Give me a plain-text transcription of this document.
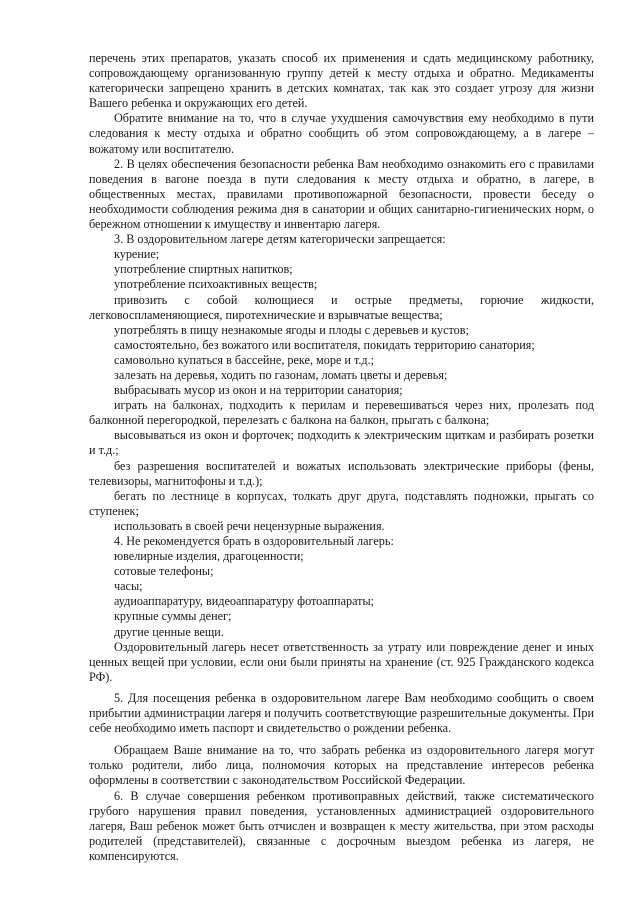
перечень этих препаратов, указать способ их применения и сдать медицинскому работнику, сопровождающему организованную группу детей к месту отдыха и обратно. Медикаменты категорически запрещено хранить в детских комнатах, так как это создает угрозу для жизни Вашего ребенка и окружающих его детей.

Обратите внимание на то, что в случае ухудшения самочувствия ему необходимо в пути следования к месту отдыха и обратно сообщить об этом сопровождающему, а в лагере – вожатому или воспитателю.

2. В целях обеспечения безопасности ребенка Вам необходимо ознакомить его с правилами поведения в вагоне поезда в пути следования к месту отдыха и обратно, в лагере, в общественных местах, правилами противопожарной безопасности, провести беседу о необходимости соблюдения режима дня в санатории и общих санитарно-гигиенических норм, о бережном отношении к имуществу и инвентарю лагеря.

3. В оздоровительном лагере детям категорически запрещается:

курение;

употребление спиртных напитков;

употребление психоактивных веществ;

привозить с собой колющиеся и острые предметы, горючие жидкости, легковоспламеняющиеся, пиротехнические и взрывчатые вещества;

употреблять в пищу незнакомые ягоды и плоды с деревьев и кустов;

самостоятельно, без вожатого или воспитателя, покидать территорию санатория;

самовольно купаться в бассейне, реке, море и т.д.;

залезать на деревья, ходить по газонам, ломать цветы и деревья;

выбрасывать мусор из окон и на территории санатория;

играть на балконах, подходить к перилам и перевешиваться через них, пролезать под балконной перегородкой, перелезать с балкона на балкон, прыгать с балкона;

высовываться из окон и форточек; подходить к электрическим щиткам и разбирать розетки и т.д.;

без разрешения воспитателей и вожатых использовать электрические приборы (фены, телевизоры, магнитофоны и т.д.);

бегать по лестнице в корпусах, толкать друг друга, подставлять подножки, прыгать со ступенек;

использовать в своей речи нецензурные выражения.

4. Не рекомендуется брать в оздоровительный лагерь:

ювелирные изделия, драгоценности;

сотовые телефоны;

часы;

аудиоаппаратуру, видеоаппаратуру фотоаппараты;

крупные суммы денег;

другие ценные вещи.

Оздоровительный лагерь несет ответственность за утрату или повреждение денег и иных ценных вещей при условии, если они были приняты на хранение (ст. 925 Гражданского кодекса РФ).

5. Для посещения ребенка в оздоровительном лагере Вам необходимо сообщить о своем прибытии администрации лагеря и получить соответствующие разрешительные документы. При себе необходимо иметь паспорт и свидетельство о рождении ребенка.

Обращаем Ваше внимание на то, что забрать ребенка из оздоровительного лагеря могут только родители, либо лица, полномочия которых на представление интересов ребенка оформлены в соответствии с законодательством Российской Федерации.

6. В случае совершения ребенком противоправных действий, также систематического грубого нарушения правил поведения, установленных администрацией оздоровительного лагеря, Ваш ребенок может быть отчислен и возвращен к месту жительства, при этом расходы родителей (представителей), связанные с досрочным выездом ребенка из лагеря, не компенсируются.
